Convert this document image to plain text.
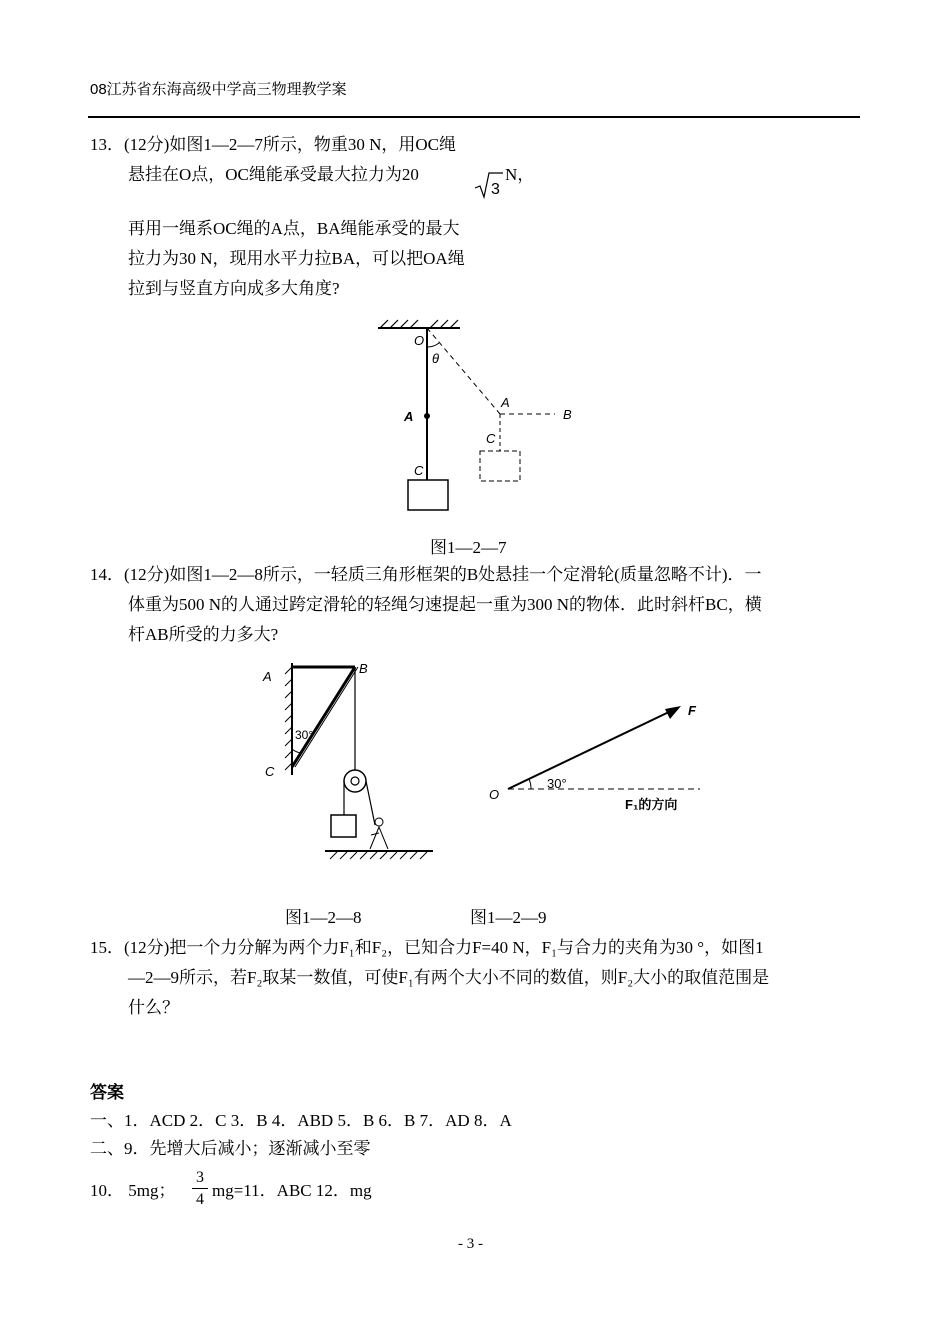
08江苏省东海高级中学高三物理教学案
13．(12分)如图1—2—7所示，物重30 N，用OC绳
悬挂在O点，OC绳能承受最大拉力为20
3
N，
再用一绳系OC绳的A点，BA绳能承受的最大
拉力为30 N，现用水平力拉BA，可以把OA绳
拉到与竖直方向成多大角度?
O
θ
A
A
B
C
C
图1—2—7
14．(12分)如图1—2—8所示，一轻质三角形框架的B处悬挂一个定滑轮(质量忽略不计)．一
体重为500 N的人通过跨定滑轮的轻绳匀速提起一重为300 N的物体．此时斜杆BC，横
杆AB所受的力多大?
A
B
C
30°
F
O
30°
F₁的方向
图1—2—8	图1—2—9
15．(12分)把一个力分解为两个力F₁和F₂，已知合力F=40 N，F₁与合力的夹角为30 °，如图1
—2—9所示，若F₂取某一数值，可使F₁有两个大小不同的数值，则F₂大小的取值范围是
什么？
答案
一、1．ACD 2．C 3．B 4．ABD 5．B 6．B 7．AD 8．A
二、9．先增大后减小；逐渐减小至零
10． 5mg；
3
4 mg=11．ABC 12．mg
- 3 -
